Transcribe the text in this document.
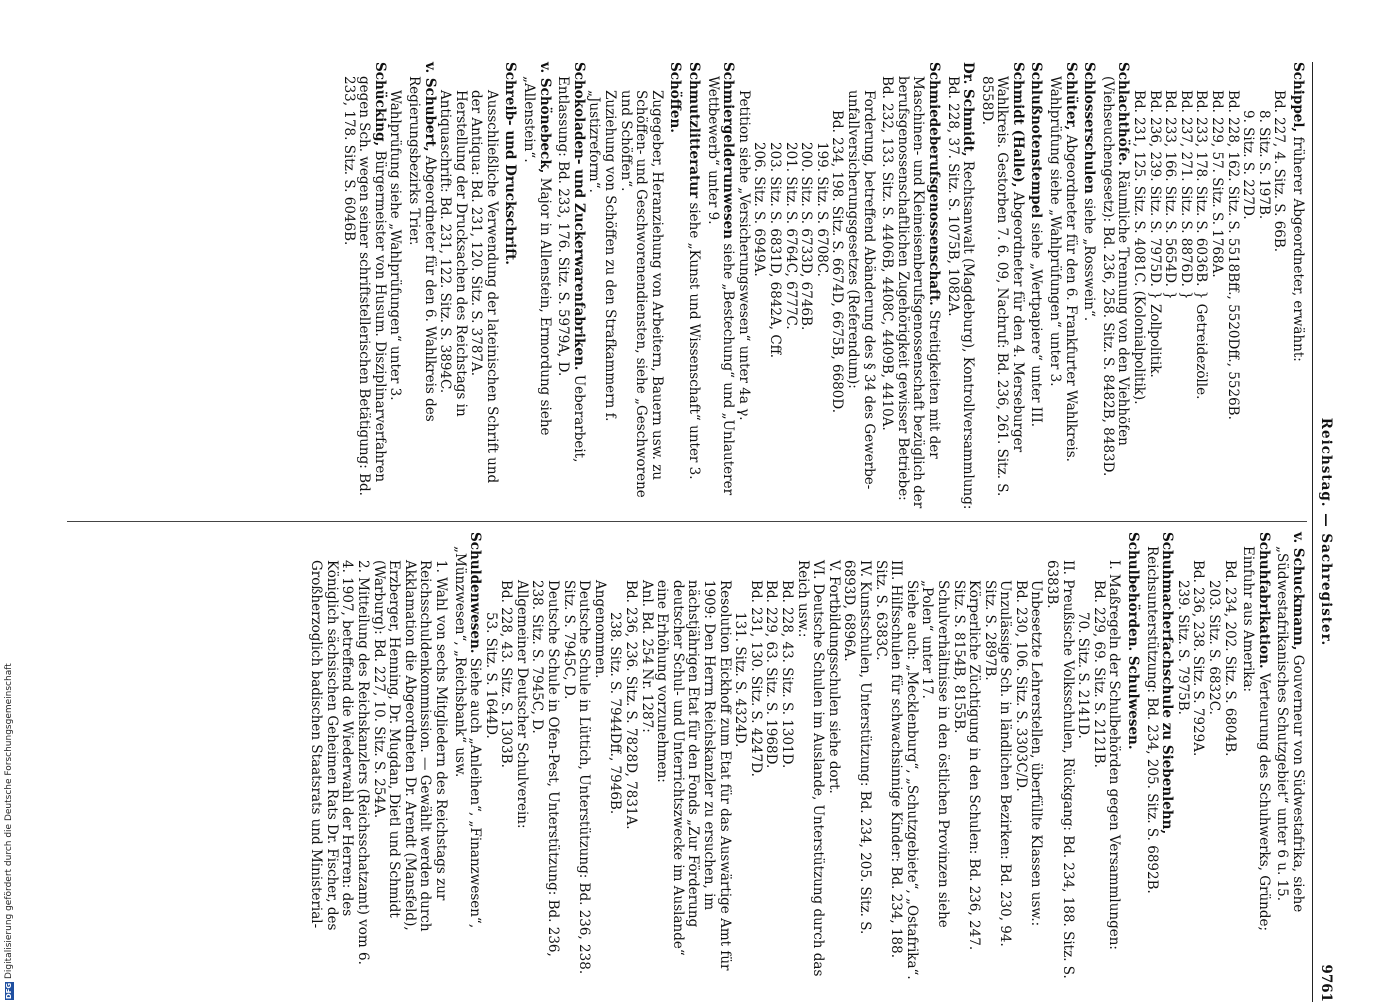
Reichstag. — Sachregister.
9761
Schippel, früherer Abgeordneter, erwähnt:
Bd. 227, 4. Sitz. S. 66B.
8. Sitz. S. 197B.
9. Sitz. S. 227D.
Bd. 228, 162. Sitz. S. 5518Bff., 5520Dff., 5526B.
Bd. 229, 57. Sitz. S. 1768A.
Bd. 233, 178. Sitz. S. 6036B. } Getreidezölle.
Bd. 237, 271. Sitz. S. 8876D. }
Bd. 233, 166. Sitz. S. 5654D. }
Bd. 236, 239. Sitz. S. 7975D. } Zollpolitik.
Bd. 231, 125. Sitz. S. 4081C. (Kolonialpolitik).
Schlachthöfe. Räumliche Trennung von den Viehhöfen (Viehseuchengesetz): Bd. 236, 258. Sitz. S. 8482B, 8483D.
Schlosserschulen siehe „Rosswein“.
Schlüter, Abgeordneter für den 6. Frankfurter Wahlkreis. Wahlprüfung siehe „Wahlprüfungen“ unter 3.
Schlußnotenstempel siehe „Wertpapiere“ unter III.
Schmidt (Halle), Abgeordneter für den 4. Merseburger Wahlkreis. Gestorben 7. 6. 09, Nachruf: Bd. 236, 261. Sitz. S. 8558D.
Dr. Schmidt, Rechtsanwalt (Magdeburg), Kontrollversammlung: Bd. 228, 37. Sitz. S. 1075B, 1082A.
Schmiedeberufsgenossenschaft. Streitigkeiten mit der Maschinen- und Kleineisenberufsgenossenschaft bezüglich der berufsgenossenschaftlichen Zugehörigkeit gewisser Betriebe: Bd. 232, 133. Sitz. S. 4406B, 4408C, 4409B, 4410A.
Forderung, betreffend Abänderung des § 34 des Gewerbe-unfallversicherungsgesetzes (Referendum):
Bd. 234, 198. Sitz. S. 6674D, 6675B, 6680D.
199. Sitz. S. 6708C.
200. Sitz. S. 6733D, 6746B.
201. Sitz. S. 6764C, 6777C.
203. Sitz. S. 6831D, 6842A, Cff.
206. Sitz. S. 6949A.
Petition siehe „Versicherungswesen“ unter 4a γ.
Schmiergelderunwesen siehe „Bestechung“ und „Unlauterer Wettbewerb“ unter 9.
Schmutzlitteratur siehe „Kunst und Wissenschaft“ unter 3.
Schöffen.
Zugegeber, Heranziehung von Arbeitern, Bauern usw. zu Schöffen- und Geschworenendiensten, siehe „Geschworene und Schöffen“.
Zuziehung von Schöffen zu den Strafkammern f. „Justizreform“.
Schokoladen- und Zuckerwarenfabriken. Ueberarbeit, Entlassung: Bd. 233, 176. Sitz. S. 5979A, D.
v. Schönebeck, Major in Allenstein, Ermordung siehe „Allenstein“.
Schreib- und Druckschrift.
Ausschließliche Verwendung der lateinischen Schrift und der Antiqua: Bd. 231, 120. Sitz. S. 3787A.
Herstellung der Drucksachen des Reichstags in Antiquaschrift: Bd. 231, 122. Sitz. S. 3894C.
v. Schubert, Abgeordneter für den 6. Wahlkreis des Regierungsbezirks Trier.
Wahlprüfung siehe „Wahlprüfungen“ unter 3.
Schücking, Bürgermeister von Husum. Disziplinarverfahren gegen Sch. wegen seiner schriftstellerischen Betätigung: Bd. 233, 178. Sitz. S. 6046B.
v. Schuckmann, Gouverneur von Südwestafrika, siehe „Südwestafrikanisches Schutzgebiet“ unter 6 u. 15.
Schuhfabrikation. Verteurung des Schuhwerks, Gründe; Einfuhr aus Amerika:
Bd. 234, 202. Sitz. S. 6804B.
203. Sitz. S. 6832C.
Bd. 236, 238. Sitz. S. 7929A.
239. Sitz. S. 7975B.
Schuhmacherfachschule zu Siebenlehn, Reichsunterstützung: Bd. 234, 205. Sitz. S. 6892B.
Schulbehörden. Schulwesen.
I. Maßregeln der Schulbehörden gegen Versammlungen:
Bd. 229, 69. Sitz. S. 2121B.
70. Sitz. S. 2141D.
II. Preußische Volksschulen, Rückgang: Bd. 234, 188. Sitz. S. 6383B.
Unbesetzte Lehrerstellen, überfüllte Klassen usw.:
Bd. 230, 106. Sitz. S. 3303C/D.
Unzulässige Sch. in ländlichen Bezirken: Bd. 230, 94. Sitz. S. 2897B.
Körperliche Züchtigung in den Schulen: Bd. 236, 247. Sitz. S. 8154B, 8155B.
Schulverhältnisse in den östlichen Provinzen siehe „Polen“ unter 17.
Siehe auch: „Mecklenburg“, „Schutzgebiete“, „Ostafrika“.
III. Hilfsschulen für schwachsinnige Kinder: Bd. 234, 188. Sitz. S. 6383C.
IV. Kunstschulen, Unterstützung: Bd. 234, 205. Sitz. S. 6893D, 6896A.
V. Fortbildungsschulen siehe dort.
VI. Deutsche Schulen im Auslande, Unterstützung durch das Reich usw.:
Bd. 228, 43. Sitz. S. 1301D.
Bd. 229, 63. Sitz. S. 1968D.
Bd. 231, 130. Sitz. S. 4247D.
131. Sitz. S. 4324D.
Resolution Eickhoff zum Etat für das Auswärtige Amt für 1909: Den Herrn Reichskanzler zu ersuchen, im nächstjährigen Etat für den Fonds „Zur Förderung deutscher Schul- und Unterrichtszwecke im Auslande“ eine Erhöhung vorzunehmen:
Anl. Bd. 254 Nr. 1287:
Bd. 236, 236. Sitz. S. 7828D, 7831A.
238. Sitz. S. 7944Dff., 7946B.
Angenommen.
Deutsche Schule in Lüttich, Unterstützung: Bd. 236, 238. Sitz. S. 7945C, D.
Deutsche Schule in Ofen-Pest, Unterstützung: Bd. 236, 238. Sitz. S. 7945C, D.
Allgemeiner Deutscher Schulverein:
Bd. 228, 43. Sitz. S. 1303B.
53. Sitz. S. 1644D.
Schuldenwesen. Siehe auch „Anleihen“, „Finanzwesen“, „Münzwesen“, „Reichsbank“ usw.
1. Wahl von sechs Mitgliedern des Reichstags zur Reichsschuldenkommission. — Gewählt werden durch Akklamation die Abgeordneten Dr. Arendt (Mansfeld), Erzberger, Henning, Dr. Mugdan, Dietl und Schmidt (Warburg): Bd. 227, 10. Sitz. S. 254A.
2. Mitteilung des Reichskanzlers (Reichsschatzamt) vom 6. 4. 1907, betreffend die Wiederwahl der Herren: des Königlich sächsischen Geheimen Rats Dr. Fischer, des Großherzoglich badischen Staatsrats und Ministerial-
DFGDigitalisierung gefördert durch die Deutsche Forschungsgemeinschaft
